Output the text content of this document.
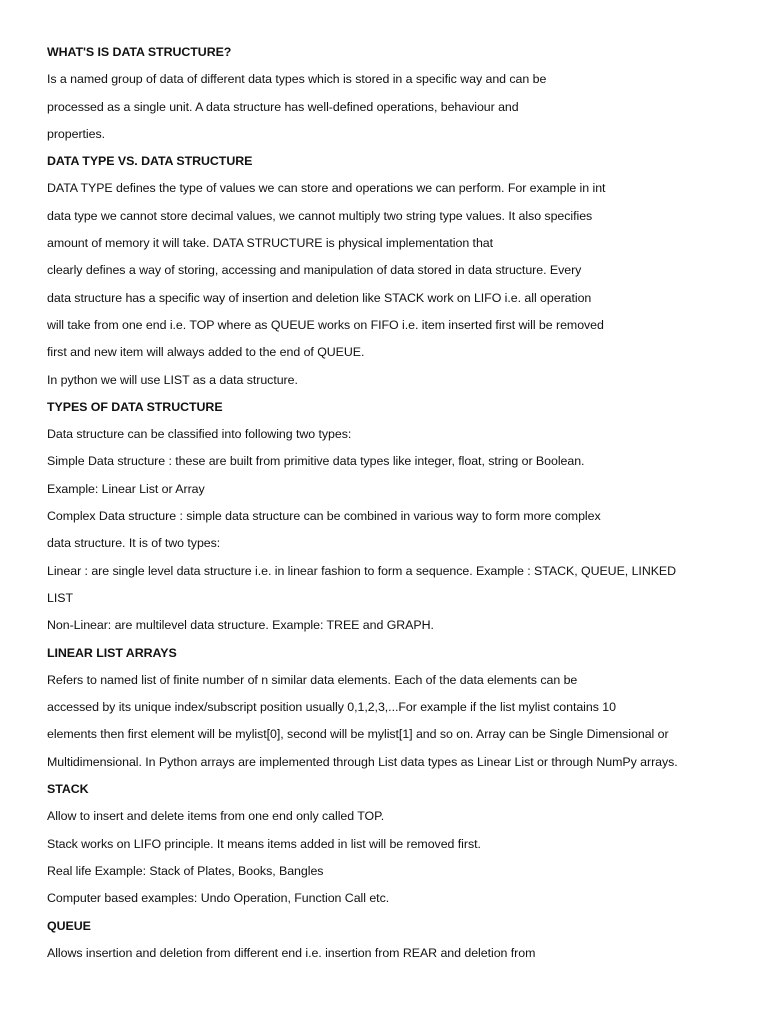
WHAT'S IS DATA STRUCTURE?
Is a named group of data of different data types which is stored in a specific way and can be
processed as a single unit. A data structure has well-defined operations, behaviour and
properties.
DATA TYPE VS. DATA STRUCTURE
DATA TYPE defines the type of values we can store and operations we can perform. For example in int
data type we cannot store decimal values, we cannot multiply two string type values. It also specifies
amount of memory it will take. DATA STRUCTURE is physical implementation that
clearly defines a way of storing, accessing and manipulation of data stored in data structure. Every
data structure has a specific way of insertion and deletion like STACK work on LIFO i.e. all operation
will take from one end i.e. TOP where as QUEUE works on FIFO i.e. item inserted first will be removed
first and new item will always added to the end of QUEUE.
In python we will use LIST as a data structure.
TYPES OF DATA STRUCTURE
Data structure can be classified into following two types:
Simple Data structure : these are built from primitive data types like integer, float, string or Boolean.
Example: Linear List or Array
Complex Data structure : simple data structure can be combined in various way to form more complex
data structure. It is of two types:
Linear : are single level data structure i.e. in linear fashion to form a sequence. Example : STACK, QUEUE, LINKED
LIST
Non-Linear: are multilevel data structure. Example: TREE and GRAPH.
LINEAR LIST ARRAYS
Refers to named list of finite number of n similar data elements. Each of the data elements can be
accessed by its unique index/subscript position usually 0,1,2,3,...For example if the list mylist contains 10
elements then first element will be mylist[0], second will be mylist[1] and so on. Array can be Single Dimensional or
Multidimensional. In Python arrays are implemented through List data types as Linear List or through NumPy arrays.
STACK
Allow to insert and delete items from one end only called TOP.
Stack works on LIFO principle. It means items added in list will be removed first.
Real life Example: Stack of Plates, Books, Bangles
Computer based examples: Undo Operation, Function Call etc.
QUEUE
Allows insertion and deletion from different end i.e. insertion from REAR and deletion from
